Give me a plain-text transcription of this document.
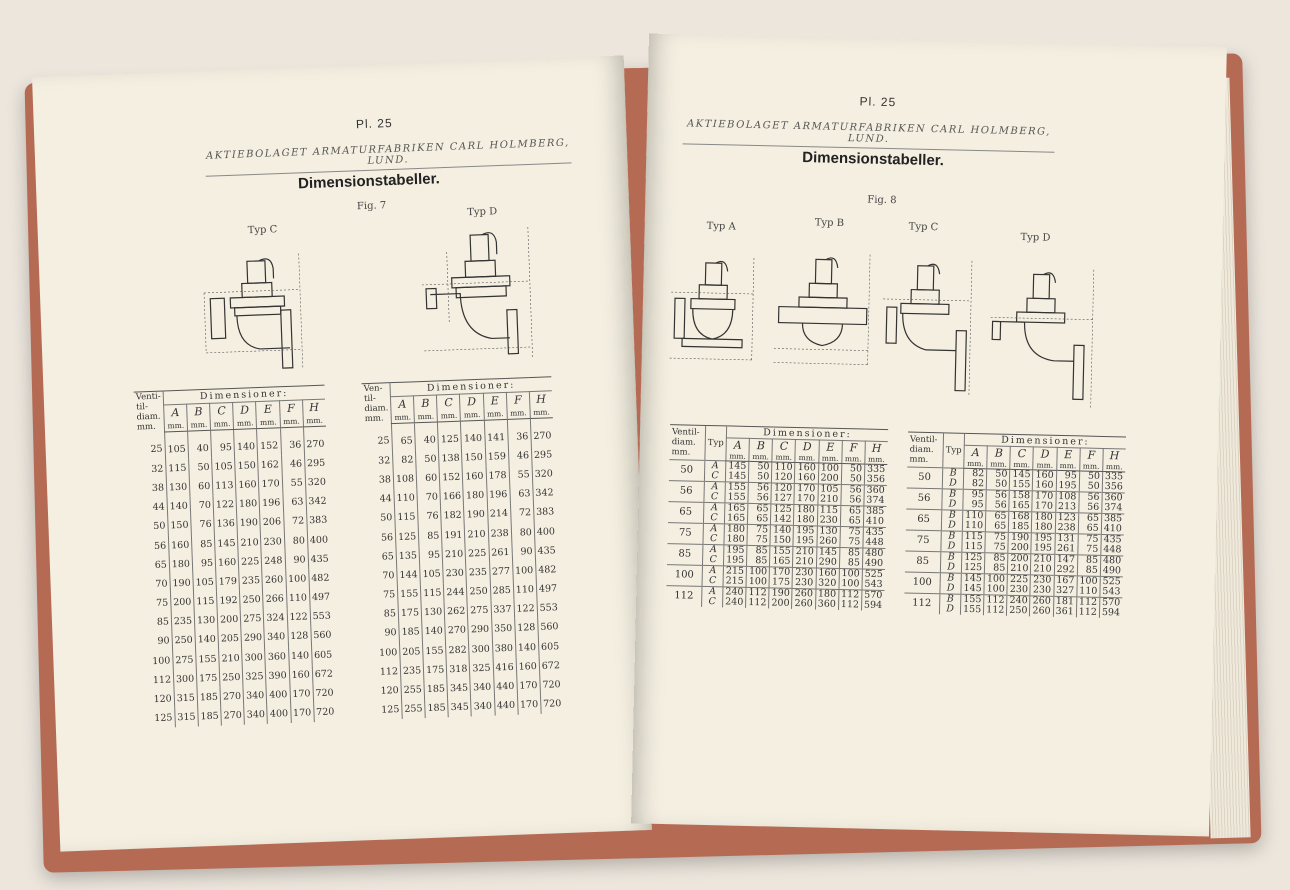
Pl. 25
AKTIEBOLAGET ARMATURFABRIKEN CARL HOLMBERG, LUND.
Dimensionstabeller.
Fig. 7
Typ C
Typ D
Venti-
til-
diam.
mm.	Dimensioner:						
	A	B	C	D	E	F	H
	mm.	mm.	mm.	mm.	mm.	mm.	mm.
25	105	40	95	140	152	36	270
32	115	50	105	150	162	46	295
38	130	60	113	160	170	55	320
44	140	70	122	180	196	63	342
50	150	76	136	190	206	72	383
56	160	85	145	210	230	80	400
65	180	95	160	225	248	90	435
70	190	105	179	235	260	100	482
75	200	115	192	250	266	110	497
85	235	130	200	275	324	122	553
90	250	140	205	290	340	128	560
100	275	155	210	300	360	140	605
112	300	175	250	325	390	160	672
120	315	185	270	340	400	170	720
125	315	185	270	340	400	170	720
Ven-
til-
diam.
mm.	Dimensioner:						
	A	B	C	D	E	F	H
	mm.	mm.	mm.	mm.	mm.	mm.	mm.
25	65	40	125	140	141	36	270
32	82	50	138	150	159	46	295
38	108	60	152	160	178	55	320
44	110	70	166	180	196	63	342
50	115	76	182	190	214	72	383
56	125	85	191	210	238	80	400
65	135	95	210	225	261	90	435
70	144	105	230	235	277	100	482
75	155	115	244	250	285	110	497
85	175	130	262	275	337	122	553
90	185	140	270	290	350	128	560
100	205	155	282	300	380	140	605
112	235	175	318	325	416	160	672
120	255	185	345	340	440	170	720
125	255	185	345	340	440	170	720
Pl. 25
AKTIEBOLAGET ARMATURFABRIKEN CARL HOLMBERG, LUND.
Dimensionstabeller.
Fig. 8
Typ A	Typ B	Typ C
Typ D
Ventil-
diam.
mm.	Typ	Dimensioner:						
		A	B	C	D	E	F	H
		mm.	mm.	mm.	mm.	mm.	mm.	mm.
50	A	145	50	110	160	100	50	335
	C	145	50	120	160	200	50	356
56	A	155	56	120	170	105	56	360
	C	155	56	127	170	210	56	374
65	A	165	65	125	180	115	65	385
	C	165	65	142	180	230	65	410
75	A	180	75	140	195	130	75	435
	C	180	75	150	195	260	75	448
85	A	195	85	155	210	145	85	480
	C	195	85	165	210	290	85	490
100	A	215	100	170	230	160	100	525
	C	215	100	175	230	320	100	543
112	A	240	112	190	260	180	112	570
	C	240	112	200	260	360	112	594
Ventil-
diam.
mm.	Typ	Dimensioner:						
		A	B	C	D	E	F	H
		mm.	mm.	mm.	mm.	mm.	mm.	mm.
50	B	82	50	145	160	95	50	335
	D	82	50	155	160	195	50	356
56	B	95	56	158	170	108	56	360
	D	95	56	165	170	213	56	374
65	B	110	65	168	180	123	65	385
	D	110	65	185	180	238	65	410
75	B	115	75	190	195	131	75	435
	D	115	75	200	195	261	75	448
85	B	125	85	200	210	147	85	480
	D	125	85	210	210	292	85	490
100	B	145	100	225	230	167	100	525
	D	145	100	230	230	327	110	543
112	B	155	112	240	260	181	112	570
	D	155	112	250	260	361	112	594
